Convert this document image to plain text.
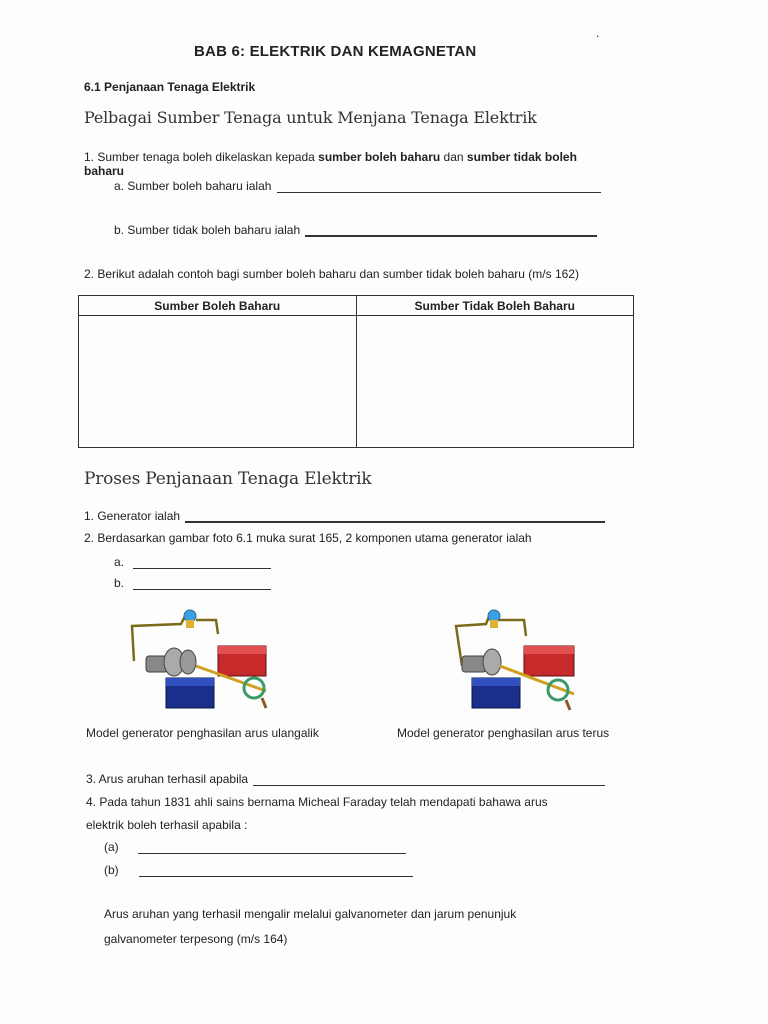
.
BAB 6: ELEKTRIK DAN KEMAGNETAN
6.1 Penjanaan Tenaga Elektrik
Pelbagai Sumber Tenaga untuk Menjana Tenaga Elektrik
1. Sumber tenaga boleh dikelaskan kepada sumber boleh baharu dan sumber tidak boleh
baharu
a. Sumber boleh baharu ialah
b. Sumber tidak boleh baharu ialah
2. Berikut adalah contoh bagi sumber boleh baharu dan sumber tidak boleh baharu (m/s 162)
Sumber Boleh Baharu	Sumber Tidak Boleh Baharu

Proses Penjanaan Tenaga Elektrik
1. Generator ialah
2. Berdasarkan gambar foto 6.1 muka surat 165, 2 komponen utama generator ialah
a.
b.
Model generator penghasilan arus ulangalik	Model generator penghasilan arus terus
3. Arus aruhan terhasil apabila
4. Pada tahun 1831 ahli sains bernama Micheal Faraday telah mendapati bahawa arus
elektrik boleh terhasil apabila :
(a)
(b)
Arus aruhan yang terhasil mengalir melalui galvanometer dan jarum penunjuk
galvanometer terpesong (m/s 164)
